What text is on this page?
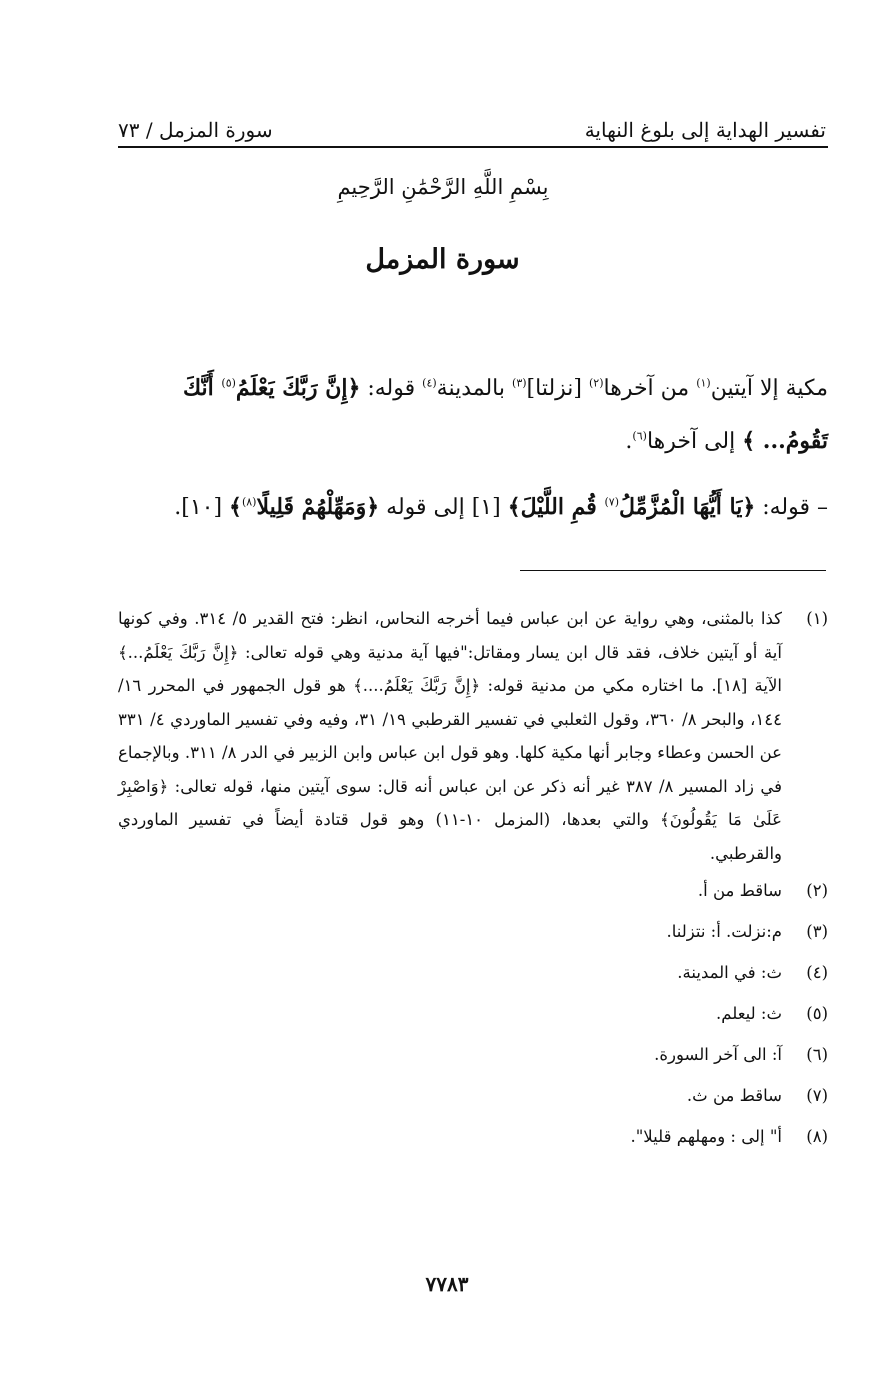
تفسير الهداية إلى بلوغ النهاية
سورة المزمل / ٧٣
بِسْمِ اللَّهِ الرَّحْمَٰنِ الرَّحِيمِ
سورة المزمل

مكية إلا آيتين$^{(١)}$ من آخرها$^{(٢)}$ [نزلتا]$^{(٣)}$ بالمدينة$^{(٤)}$ قوله: ﴿إِنَّ رَبَّكَ يَعْلَمُ$^{(٥)}$ أَنَّكَ تَقُومُ... ﴾ إلى آخرها$^{(٦)}$.

– قوله: ﴿يَا أَيُّهَا الْمُزَّمِّلُ$^{(٧)}$ قُمِ اللَّيْلَ﴾ [١] إلى قوله ﴿وَمَهِّلْهُمْ قَلِيلًا$^{(٨)}$﴾ [١٠].
(١)
كذا بالمثنى، وهي رواية عن ابن عباس فيما أخرجه النحاس، انظر: فتح القدير ٥/ ٣١٤. وفي كونها آية أو آيتين خلاف، فقد قال ابن يسار ومقاتل:"فيها آية مدنية وهي قوله تعالى: ﴿إِنَّ رَبَّكَ يَعْلَمُ...﴾ الآية [١٨]. ما اختاره مكي من مدنية قوله: ﴿إِنَّ رَبَّكَ يَعْلَمُ....﴾ هو قول الجمهور في المحرر ١٦/ ١٤٤، والبحر ٨/ ٣٦٠، وقول الثعلبي في تفسير القرطبي ١٩/ ٣١، وفيه وفي تفسير الماوردي ٤/ ٣٣١ عن الحسن وعطاء وجابر أنها مكية كلها. وهو قول ابن عباس وابن الزبير في الدر ٨/ ٣١١. وبالإجماع في زاد المسير ٨/ ٣٨٧ غير أنه ذكر عن ابن عباس أنه قال: سوى آيتين منها، قوله تعالى: ﴿وَاصْبِرْ عَلَىٰ مَا يَقُولُونَ﴾ والتي بعدها، (المزمل ١٠-١١) وهو قول قتادة أيضاً في تفسير الماوردي والقرطبي.
(٢)
ساقط من أ.
(٣)
م:نزلت. أ: نتزلنا.
(٤)
ث: في المدينة.
(٥)
ث: ليعلم.
(٦)
آ: الى آخر السورة.
(٧)
ساقط من ث.
(٨)
أ" إلى : ومهلهم قليلا".
٧٧٨٣
